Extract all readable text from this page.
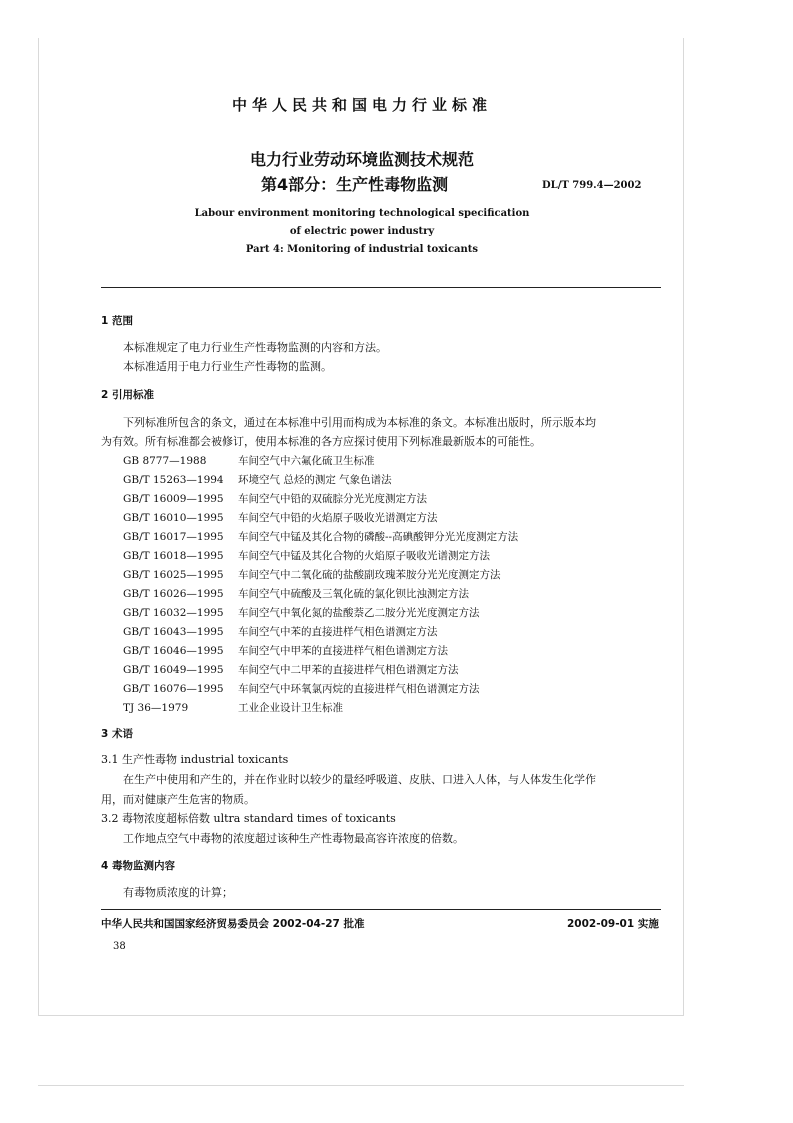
中华人民共和国电力行业标准
电力行业劳动环境监测技术规范
第4部分：生产性毒物监测	DL/T 799.4—2002
Labour environment monitoring technological specification
of electric power industry
Part 4: Monitoring of industrial toxicants
1 范围
本标准规定了电力行业生产性毒物监测的内容和方法。
本标准适用于电力行业生产性毒物的监测。
2 引用标准
下列标准所包含的条文，通过在本标准中引用而构成为本标准的条文。本标准出版时，所示版本均
为有效。所有标准都会被修订，使用本标准的各方应探讨使用下列标准最新版本的可能性。
GB 8777—1988	车间空气中六氟化硫卫生标准
GB/T 15263—1994 环境空气 总烃的测定 气象色谱法
GB/T 16009—1995 车间空气中铅的双硫腙分光光度测定方法
GB/T 16010—1995 车间空气中铅的火焰原子吸收光谱测定方法
GB/T 16017—1995 车间空气中锰及其化合物的磷酸--高碘酸钾分光光度测定方法
GB/T 16018—1995 车间空气中锰及其化合物的火焰原子吸收光谱测定方法
GB/T 16025—1995 车间空气中二氧化硫的盐酸副玫瑰苯胺分光光度测定方法
GB/T 16026—1995 车间空气中硫酸及三氧化硫的氯化钡比浊测定方法
GB/T 16032—1995 车间空气中氧化氮的盐酸萘乙二胺分光光度测定方法
GB/T 16043—1995 车间空气中苯的直接进样气相色谱测定方法
GB/T 16046—1995 车间空气中甲苯的直接进样气相色谱测定方法
GB/T 16049—1995 车间空气中二甲苯的直接进样气相色谱测定方法
GB/T 16076—1995 车间空气中环氧氯丙烷的直接进样气相色谱测定方法
TJ 36—1979	工业企业设计卫生标准
3 术语
3.1 生产性毒物 industrial toxicants
在生产中使用和产生的，并在作业时以较少的量经呼吸道、皮肤、口进入人体，与人体发生化学作
用，而对健康产生危害的物质。
3.2 毒物浓度超标倍数 ultra standard times of toxicants
工作地点空气中毒物的浓度超过该种生产性毒物最高容许浓度的倍数。
4 毒物监测内容
有毒物质浓度的计算；
中华人民共和国国家经济贸易委员会 2002-04-27 批准	2002-09-01 实施
38
